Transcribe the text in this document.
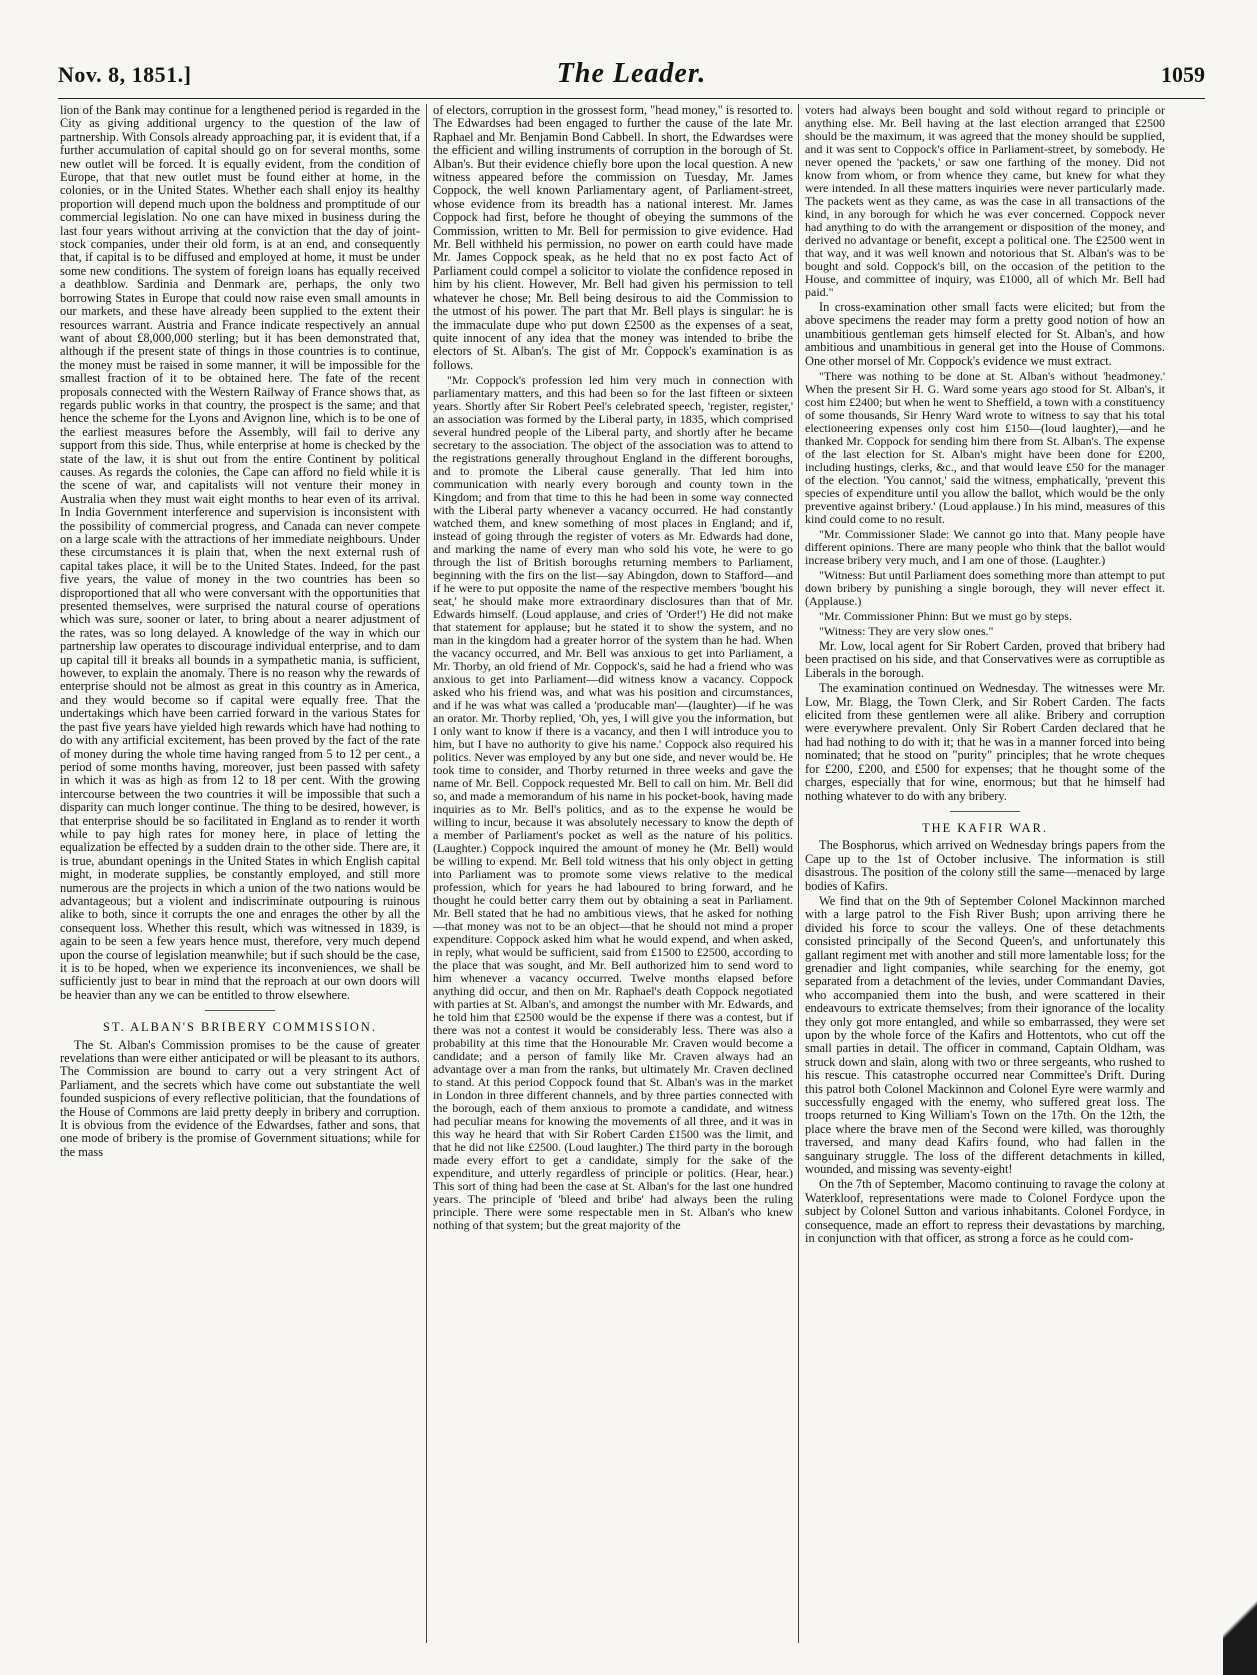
Nov. 8, 1851.]	The Leader.	1059

lion of the Bank may continue for a lengthened period is regarded in the City as giving additional urgency to the question of the law of partnership. With Consols already approaching par, it is evident that, if a further accumulation of capital should go on for several months, some new outlet will be forced. It is equally evident, from the condition of Europe, that that new outlet must be found either at home, in the colonies, or in the United States. Whether each shall enjoy its healthy proportion will depend much upon the boldness and promptitude of our commercial legislation. No one can have mixed in business during the last four years without arriving at the conviction that the day of joint-stock companies, under their old form, is at an end, and consequently that, if capital is to be diffused and employed at home, it must be under some new conditions. The system of foreign loans has equally received a deathblow. Sardinia and Denmark are, perhaps, the only two borrowing States in Europe that could now raise even small amounts in our markets, and these have already been supplied to the extent their resources warrant. Austria and France indicate respectively an annual want of about £8,000,000 sterling; but it has been demonstrated that, although if the present state of things in those countries is to continue, the money must be raised in some manner, it will be impossible for the smallest fraction of it to be obtained here. The fate of the recent proposals connected with the Western Railway of France shows that, as regards public works in that country, the prospect is the same; and that hence the scheme for the Lyons and Avignon line, which is to be one of the earliest measures before the Assembly, will fail to derive any support from this side. Thus, while enterprise at home is checked by the state of the law, it is shut out from the entire Continent by political causes. As regards the colonies, the Cape can afford no field while it is the scene of war, and capitalists will not venture their money in Australia when they must wait eight months to hear even of its arrival. In India Government interference and supervision is inconsistent with the possibility of commercial progress, and Canada can never compete on a large scale with the attractions of her immediate neighbours. Under these circumstances it is plain that, when the next external rush of capital takes place, it will be to the United States. Indeed, for the past five years, the value of money in the two countries has been so disproportioned that all who were conversant with the opportunities that presented themselves, were surprised the natural course of operations which was sure, sooner or later, to bring about a nearer adjustment of the rates, was so long delayed. A knowledge of the way in which our partnership law operates to discourage individual enterprise, and to dam up capital till it breaks all bounds in a sympathetic mania, is sufficient, however, to explain the anomaly. There is no reason why the rewards of enterprise should not be almost as great in this country as in America, and they would become so if capital were equally free. That the undertakings which have been carried forward in the various States for the past five years have yielded high rewards which have had nothing to do with any artificial excitement, has been proved by the fact of the rate of money during the whole time having ranged from 5 to 12 per cent., a period of some months having, moreover, just been passed with safety in which it was as high as from 12 to 18 per cent. With the growing intercourse between the two countries it will be impossible that such a disparity can much longer continue. The thing to be desired, however, is that enterprise should be so facilitated in England as to render it worth while to pay high rates for money here, in place of letting the equalization be effected by a sudden drain to the other side. There are, it is true, abundant openings in the United States in which English capital might, in moderate supplies, be constantly employed, and still more numerous are the projects in which a union of the two nations would be advantageous; but a violent and indiscriminate outpouring is ruinous alike to both, since it corrupts the one and enrages the other by all the consequent loss. Whether this result, which was witnessed in 1839, is again to be seen a few years hence must, therefore, very much depend upon the course of legislation meanwhile; but if such should be the case, it is to be hoped, when we experience its inconveniences, we shall be sufficiently just to bear in mind that the reproach at our own doors will be heavier than any we can be entitled to throw elsewhere.

ST. ALBAN'S BRIBERY COMMISSION.

The St. Alban's Commission promises to be the cause of greater revelations than were either anticipated or will be pleasant to its authors. The Commission are bound to carry out a very stringent Act of Parliament, and the secrets which have come out substantiate the well founded suspicions of every reflective politician, that the foundations of the House of Commons are laid pretty deeply in bribery and corruption. It is obvious from the evidence of the Edwardses, father and sons, that one mode of bribery is the promise of Government situations; while for the mass

of electors, corruption in the grossest form, "head money," is resorted to. The Edwardses had been engaged to further the cause of the late Mr. Raphael and Mr. Benjamin Bond Cabbell. In short, the Edwardses were the efficient and willing instruments of corruption in the borough of St. Alban's. But their evidence chiefly bore upon the local question. A new witness appeared before the commission on Tuesday, Mr. James Coppock, the well known Parliamentary agent, of Parliament-street, whose evidence from its breadth has a national interest. Mr. James Coppock had first, before he thought of obeying the summons of the Commission, written to Mr. Bell for permission to give evidence. Had Mr. Bell withheld his permission, no power on earth could have made Mr. James Coppock speak, as he held that no ex post facto Act of Parliament could compel a solicitor to violate the confidence reposed in him by his client. However, Mr. Bell had given his permission to tell whatever he chose; Mr. Bell being desirous to aid the Commission to the utmost of his power. The part that Mr. Bell plays is singular: he is the immaculate dupe who put down £2500 as the expenses of a seat, quite innocent of any idea that the money was intended to bribe the electors of St. Alban's. The gist of Mr. Coppock's examination is as follows.

"Mr. Coppock's profession led him very much in connection with parliamentary matters, and this had been so for the last fifteen or sixteen years. Shortly after Sir Robert Peel's celebrated speech, 'register, register,' an association was formed by the Liberal party, in 1835, which comprised several hundred people of the Liberal party, and shortly after he became secretary to the association. The object of the association was to attend to the registrations generally throughout England in the different boroughs, and to promote the Liberal cause generally. That led him into communication with nearly every borough and county town in the Kingdom; and from that time to this he had been in some way connected with the Liberal party whenever a vacancy occurred. He had constantly watched them, and knew something of most places in England; and if, instead of going through the register of voters as Mr. Edwards had done, and marking the name of every man who sold his vote, he were to go through the list of British boroughs returning members to Parliament, beginning with the firs on the list—say Abingdon, down to Stafford—and if he were to put opposite the name of the respective members 'bought his seat,' he should make more extraordinary disclosures than that of Mr. Edwards himself. (Loud applause, and cries of 'Order!') He did not make that statement for applause; but he stated it to show the system, and no man in the kingdom had a greater horror of the system than he had. When the vacancy occurred, and Mr. Bell was anxious to get into Parliament, a Mr. Thorby, an old friend of Mr. Coppock's, said he had a friend who was anxious to get into Parliament—did witness know a vacancy. Coppock asked who his friend was, and what was his position and circumstances, and if he was what was called a 'producable man'—(laughter)—if he was an orator. Mr. Thorby replied, 'Oh, yes, I will give you the information, but I only want to know if there is a vacancy, and then I will introduce you to him, but I have no authority to give his name.' Coppock also required his politics. Never was employed by any but one side, and never would be. He took time to consider, and Thorby returned in three weeks and gave the name of Mr. Bell. Coppock requested Mr. Bell to call on him. Mr. Bell did so, and made a memorandum of his name in his pocket-book, having made inquiries as to Mr. Bell's politics, and as to the expense he would be willing to incur, because it was absolutely necessary to know the depth of a member of Parliament's pocket as well as the nature of his politics. (Laughter.) Coppock inquired the amount of money he (Mr. Bell) would be willing to expend. Mr. Bell told witness that his only object in getting into Parliament was to promote some views relative to the medical profession, which for years he had laboured to bring forward, and he thought he could better carry them out by obtaining a seat in Parliament. Mr. Bell stated that he had no ambitious views, that he asked for nothing—that money was not to be an object—that he should not mind a proper expenditure. Coppock asked him what he would expend, and when asked, in reply, what would be sufficient, said from £1500 to £2500, according to the place that was sought, and Mr. Bell authorized him to send word to him whenever a vacancy occurred. Twelve months elapsed before anything did occur, and then on Mr. Raphael's death Coppock negotiated with parties at St. Alban's, and amongst the number with Mr. Edwards, and he told him that £2500 would be the expense if there was a contest, but if there was not a contest it would be considerably less. There was also a probability at this time that the Honourable Mr. Craven would become a candidate; and a person of family like Mr. Craven always had an advantage over a man from the ranks, but ultimately Mr. Craven declined to stand. At this period Coppock found that St. Alban's was in the market in London in three different channels, and by three parties connected with the borough, each of them anxious to promote a candidate, and witness had peculiar means for knowing the movements of all three, and it was in this way he heard that with Sir Robert Carden £1500 was the limit, and that he did not like £2500. (Loud laughter.) The third party in the borough made every effort to get a candidate, simply for the sake of the expenditure, and utterly regardless of principle or politics. (Hear, hear.) This sort of thing had been the case at St. Alban's for the last one hundred years. The principle of 'bleed and bribe' had always been the ruling principle. There were some respectable men in St. Alban's who knew nothing of that system; but the great majority of the

voters had always been bought and sold without regard to principle or anything else. Mr. Bell having at the last election arranged that £2500 should be the maximum, it was agreed that the money should be supplied, and it was sent to Coppock's office in Parliament-street, by somebody. He never opened the 'packets,' or saw one farthing of the money. Did not know from whom, or from whence they came, but knew for what they were intended. In all these matters inquiries were never particularly made. The packets went as they came, as was the case in all transactions of the kind, in any borough for which he was ever concerned. Coppock never had anything to do with the arrangement or disposition of the money, and derived no advantage or benefit, except a political one. The £2500 went in that way, and it was well known and notorious that St. Alban's was to be bought and sold. Coppock's bill, on the occasion of the petition to the House, and committee of inquiry, was £1000, all of which Mr. Bell had paid."

In cross-examination other small facts were elicited; but from the above specimens the reader may form a pretty good notion of how an unambitious gentleman gets himself elected for St. Alban's, and how ambitious and unambitious in general get into the House of Commons. One other morsel of Mr. Coppock's evidence we must extract.

"There was nothing to be done at St. Alban's without 'headmoney.' When the present Sir H. G. Ward some years ago stood for St. Alban's, it cost him £2400; but when he went to Sheffield, a town with a constituency of some thousands, Sir Henry Ward wrote to witness to say that his total electioneering expenses only cost him £150—(loud laughter),—and he thanked Mr. Coppock for sending him there from St. Alban's. The expense of the last election for St. Alban's might have been done for £200, including hustings, clerks, &c., and that would leave £50 for the manager of the election. 'You cannot,' said the witness, emphatically, 'prevent this species of expenditure until you allow the ballot, which would be the only preventive against bribery.' (Loud applause.) In his mind, measures of this kind could come to no result.

"Mr. Commissioner Slade: We cannot go into that. Many people have different opinions. There are many people who think that the ballot would increase bribery very much, and I am one of those. (Laughter.)

"Witness: But until Parliament does something more than attempt to put down bribery by punishing a single borough, they will never effect it. (Applause.)

"Mr. Commissioner Phinn: But we must go by steps.

"Witness: They are very slow ones."

Mr. Low, local agent for Sir Robert Carden, proved that bribery had been practised on his side, and that Conservatives were as corruptible as Liberals in the borough.

The examination continued on Wednesday. The witnesses were Mr. Low, Mr. Blagg, the Town Clerk, and Sir Robert Carden. The facts elicited from these gentlemen were all alike. Bribery and corruption were everywhere prevalent. Only Sir Robert Carden declared that he had had nothing to do with it; that he was in a manner forced into being nominated; that he stood on "purity" principles; that he wrote cheques for £200, £200, and £500 for expenses; that he thought some of the charges, especially that for wine, enormous; but that he himself had nothing whatever to do with any bribery.

THE KAFIR WAR.

The Bosphorus, which arrived on Wednesday brings papers from the Cape up to the 1st of October inclusive. The information is still disastrous. The position of the colony still the same—menaced by large bodies of Kafirs.

We find that on the 9th of September Colonel Mackinnon marched with a large patrol to the Fish River Bush; upon arriving there he divided his force to scour the valleys. One of these detachments consisted principally of the Second Queen's, and unfortunately this gallant regiment met with another and still more lamentable loss; for the grenadier and light companies, while searching for the enemy, got separated from a detachment of the levies, under Commandant Davies, who accompanied them into the bush, and were scattered in their endeavours to extricate themselves; from their ignorance of the locality they only got more entangled, and while so embarrassed, they were set upon by the whole force of the Kafirs and Hottentots, who cut off the small parties in detail. The officer in command, Captain Oldham, was struck down and slain, along with two or three sergeants, who rushed to his rescue. This catastrophe occurred near Committee's Drift. During this patrol both Colonel Mackinnon and Colonel Eyre were warmly and successfully engaged with the enemy, who suffered great loss. The troops returned to King William's Town on the 17th. On the 12th, the place where the brave men of the Second were killed, was thoroughly traversed, and many dead Kafirs found, who had fallen in the sanguinary struggle. The loss of the different detachments in killed, wounded, and missing was seventy-eight!

On the 7th of September, Macomo continuing to ravage the colony at Waterkloof, representations were made to Colonel Fordyce upon the subject by Colonel Sutton and various inhabitants. Colonel Fordyce, in consequence, made an effort to repress their devastations by marching, in conjunction with that officer, as strong a force as he could com-
